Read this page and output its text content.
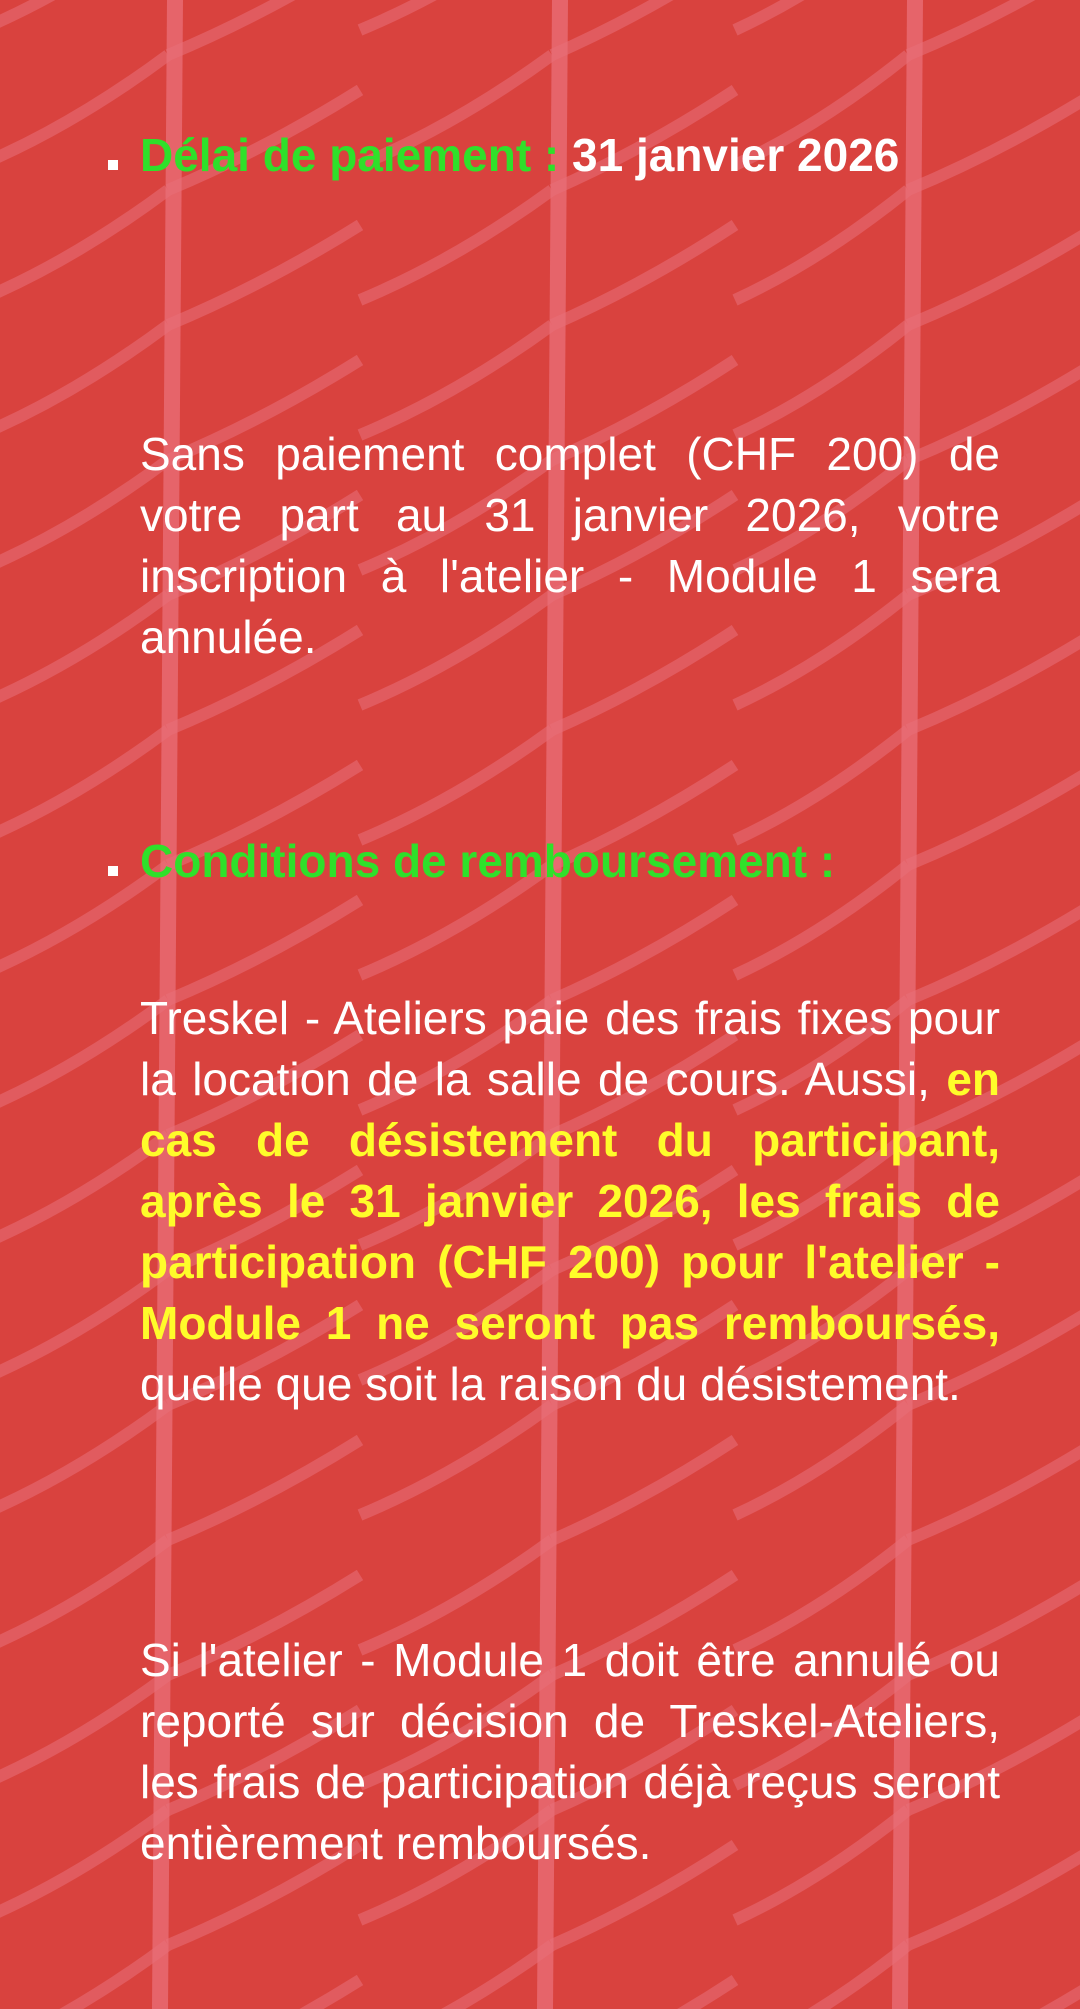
Délai de paiement : 31 janvier 2026

Sans paiement complet (CHF 200) de votre part au 31 janvier 2026, votre inscription à l'atelier - Module 1 sera annulée.

Conditions de remboursement :

Treskel - Ateliers paie des frais fixes pour la location de la salle de cours. Aussi, en cas de désistement du participant, après le 31 janvier 2026, les frais de participation (CHF 200) pour l'atelier - Module 1 ne seront pas remboursés, quelle que soit la raison du désistement.

Si l'atelier - Module 1 doit être annulé ou reporté sur décision de Treskel-Ateliers, les frais de participation déjà reçus seront entièrement remboursés.
